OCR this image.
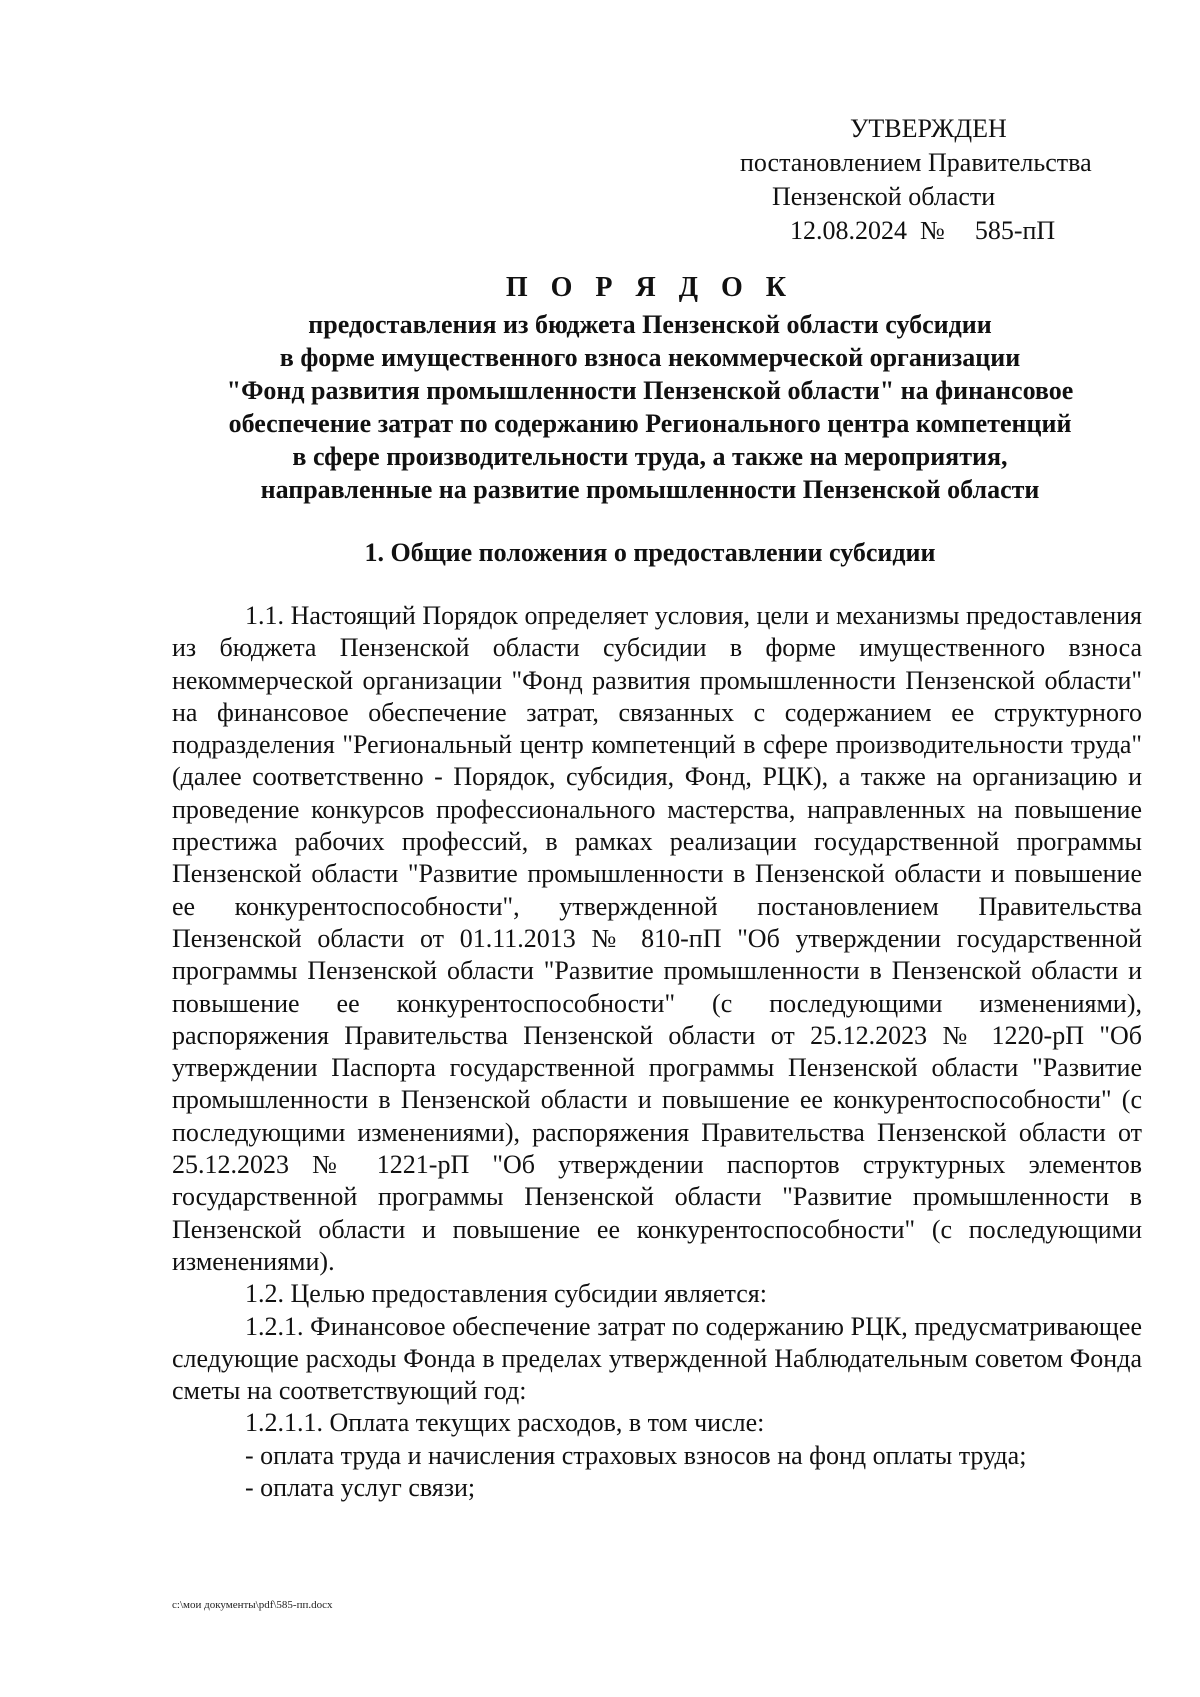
УТВЕРЖДЕН
постановлением Правительства
Пензенской области
12.08.2024 № 585-пП
П О Р Я Д О К
предоставления из бюджета Пензенской области субсидии
в форме имущественного взноса некоммерческой организации
"Фонд развития промышленности Пензенской области" на финансовое
обеспечение затрат по содержанию Регионального центра компетенций
в сфере производительности труда, а также на мероприятия,
направленные на развитие промышленности Пензенской области
1. Общие положения о предоставлении субсидии

1.1. Настоящий Порядок определяет условия, цели и механизмы предоставления из бюджета Пензенской области субсидии в форме имущественного взноса некоммерческой организации "Фонд развития промышленности Пензенской области" на финансовое обеспечение затрат, связанных с содержанием ее структурного подразделения "Региональный центр компетенций в сфере производительности труда" (далее соответственно - Порядок, субсидия, Фонд, РЦК), а также на организацию и проведение конкурсов профессионального мастерства, направленных на повышение престижа рабочих профессий, в рамках реализации государственной программы Пензенской области "Развитие промышленности в Пензенской области и повышение ее конкурентоспособности", утвержденной постановлением Правительства Пензенской области от 01.11.2013 № 810-пП "Об утверждении государственной программы Пензенской области "Развитие промышленности в Пензенской области и повышение ее конкурентоспособности" (с последующими изменениями), распоряжения Правительства Пензенской области от 25.12.2023 № 1220-рП "Об утверждении Паспорта государственной программы Пензенской области "Развитие промышленности в Пензенской области и повышение ее конкурентоспособности" (с последующими изменениями), распоряжения Правительства Пензенской области от 25.12.2023 № 1221-рП "Об утверждении паспортов структурных элементов государственной программы Пензенской области "Развитие промышленности в Пензенской области и повышение ее конкурентоспособности" (с последующими изменениями).

1.2. Целью предоставления субсидии является:

1.2.1. Финансовое обеспечение затрат по содержанию РЦК, предусматривающее следующие расходы Фонда в пределах утвержденной Наблюдательным советом Фонда сметы на соответствующий год:

1.2.1.1. Оплата текущих расходов, в том числе:

- оплата труда и начисления страховых взносов на фонд оплаты труда;

- оплата услуг связи;

c:\мои документы\pdf\585-пп.docx
